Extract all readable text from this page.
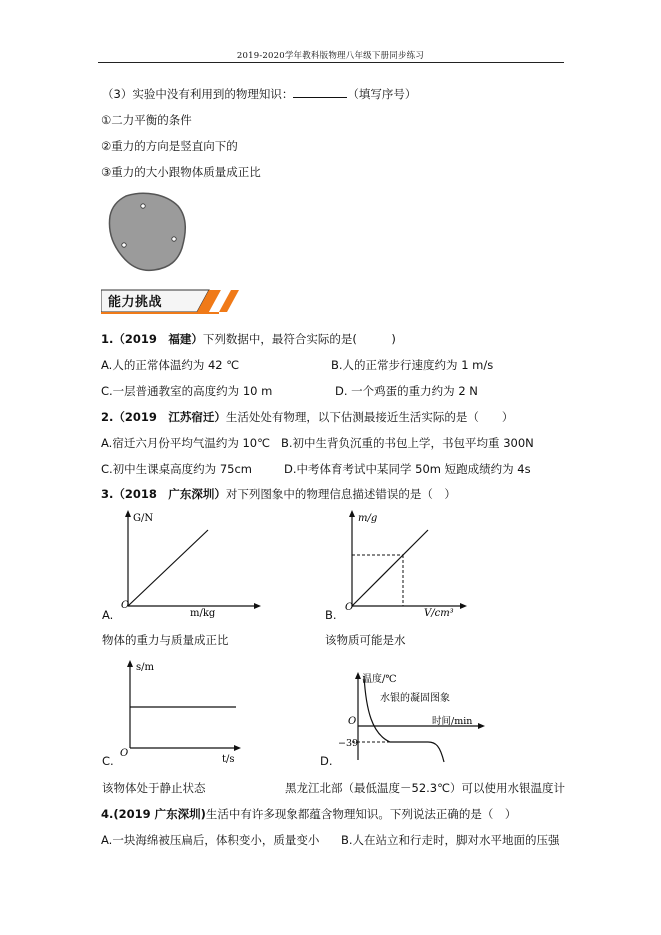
2019-2020学年教科版物理八年级下册同步练习
（3）实验中没有利用到的物理知识：	（填写序号）
①二力平衡的条件
②重力的方向是竖直向下的
③重力的大小跟物体质量成正比
能力挑战
1.（2019　福建）下列数据中，最符合实际的是(　　　)
A.人的正常体温约为 42 ℃	B.人的正常步行速度约为 1 m/s
C.一层普通教室的高度约为 10 m	D. 一个鸡蛋的重力约为 2 N
2.（2019　江苏宿迁）生活处处有物理，以下估测最接近生活实际的是（　　）
A.宿迁六月份平均气温约为 10℃ B.初中生背负沉重的书包上学，书包平均重 300N
C.初中生课桌高度约为 75cm	D.中考体育考试中某同学 50m 短跑成绩约为 4s
3.（2018　广东深圳）对下列图象中的物理信息描述错误的是（　）
G/N
m/kg
O
A.
物体的重力与质量成正比
m/g
V/cm³
O
B.
该物质可能是水
s/m
t/s
O
C.
该物体处于静止状态
温度/℃
水银的凝固图象
时间/min
O
−39
D.
黑龙江北部（最低温度－52.3℃）可以使用水银温度计
4.(2019 广东深圳)生活中有许多现象都蕴含物理知识。下列说法正确的是（　）
A.一块海绵被压扁后，体积变小，质量变小 B.人在站立和行走时，脚对水平地面的压强
